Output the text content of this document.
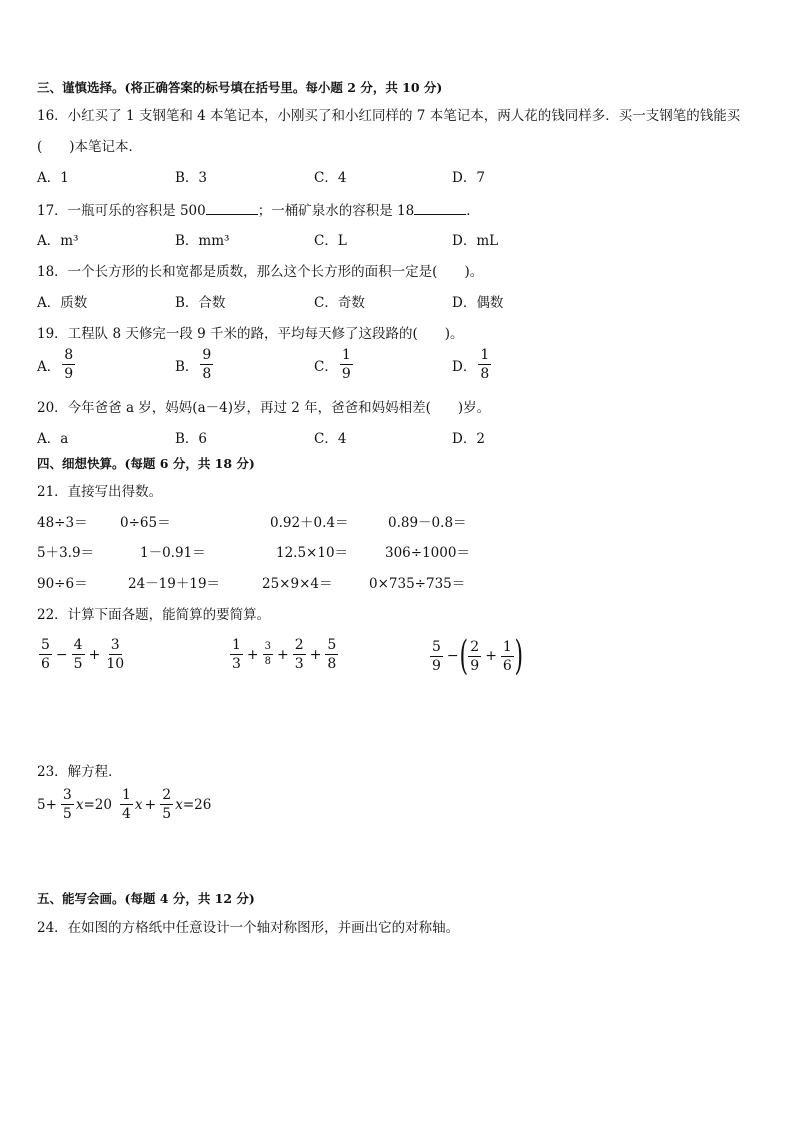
三、谨慎选择。(将正确答案的标号填在括号里。每小题 2 分，共 10 分)
16．小红买了 1 支钢笔和 4 本笔记本，小刚买了和小红同样的 7 本笔记本，两人花的钱同样多．买一支钢笔的钱能买
(　　)本笔记本．
A．1	B．3	C．4	D．7
17．一瓶可乐的容积是 500	；一桶矿泉水的容积是 18	．
A．m³	B．mm³	C．L	D．mL
18．一个长方形的长和宽都是质数，那么这个长方形的面积一定是(　　)。
A．质数	B．合数	C．奇数	D．偶数
19．工程队 8 天修完一段 9 千米的路，平均每天修了这段路的(　　)。
A． $\frac{8}{9}$	B． $\frac{9}{8}$	C． $\frac{1}{9}$	D． $\frac{1}{8}$
20．今年爸爸 a 岁，妈妈(a－4)岁，再过 2 年，爸爸和妈妈相差(　　)岁。
A．a	B．6	C．4	D．2
四、细想快算。(每题 6 分，共 18 分)
21．直接写出得数。
48÷3＝ 0÷65＝	0.92＋0.4＝	0.89－0.8＝
5＋3.9＝	1－0.91＝	12.5×10＝	306÷1000＝
90÷6＝	24－19＋19＝	25×9×4＝	0×735÷735＝
22．计算下面各题，能简算的要简算。
$\frac{5}{6} - \frac{4}{5} + \frac{3}{10}$	$\frac{1}{3} + \frac{3}{8} + \frac{2}{3} + \frac{5}{8}$	$\frac{5}{9}$ − ( $\frac{2}{9} + \frac{1}{6}$ )
23．解方程．
$5+ \frac{3}{5}$ $x =20 \frac{1}{4}$ $x + \frac{2}{5}$ x =26
五、能写会画。(每题 4 分，共 12 分)
24．在如图的方格纸中任意设计一个轴对称图形，并画出它的对称轴。
